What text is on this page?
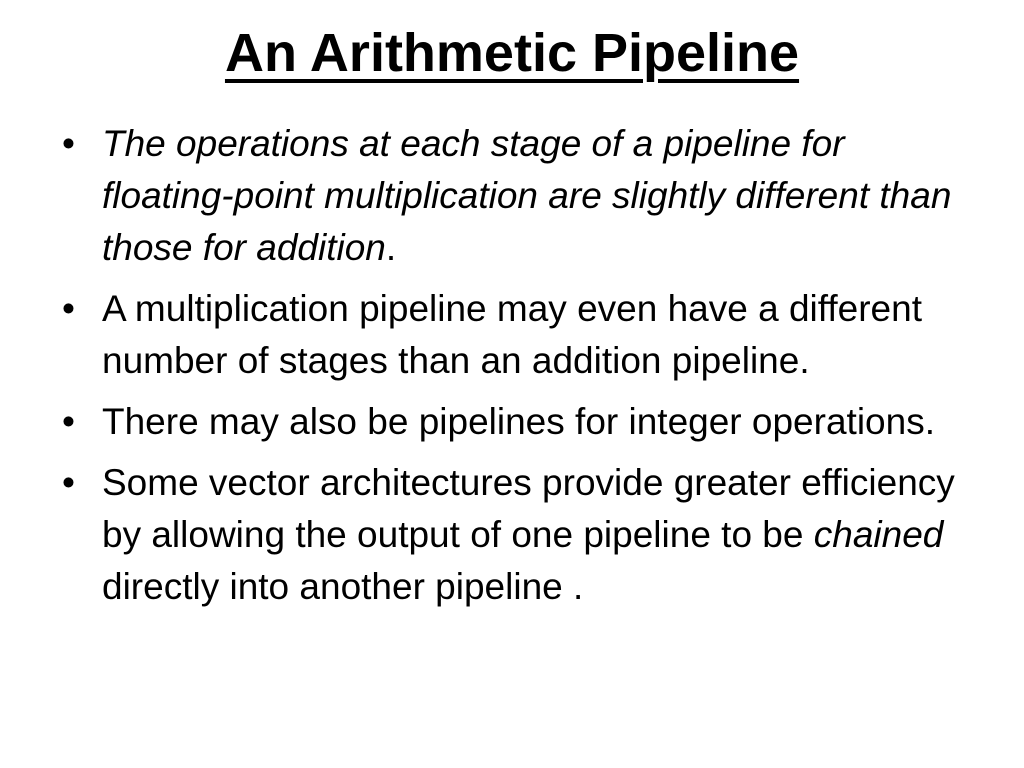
An Arithmetic Pipeline
• The operations at each stage of a pipeline for floating-point multiplication are slightly different than those for addition.
• A multiplication pipeline may even have a different number of stages than an addition pipeline.
• There may also be pipelines for integer operations.
• Some vector architectures provide greater efficiency by allowing the output of one pipeline to be chained directly into another pipeline .
